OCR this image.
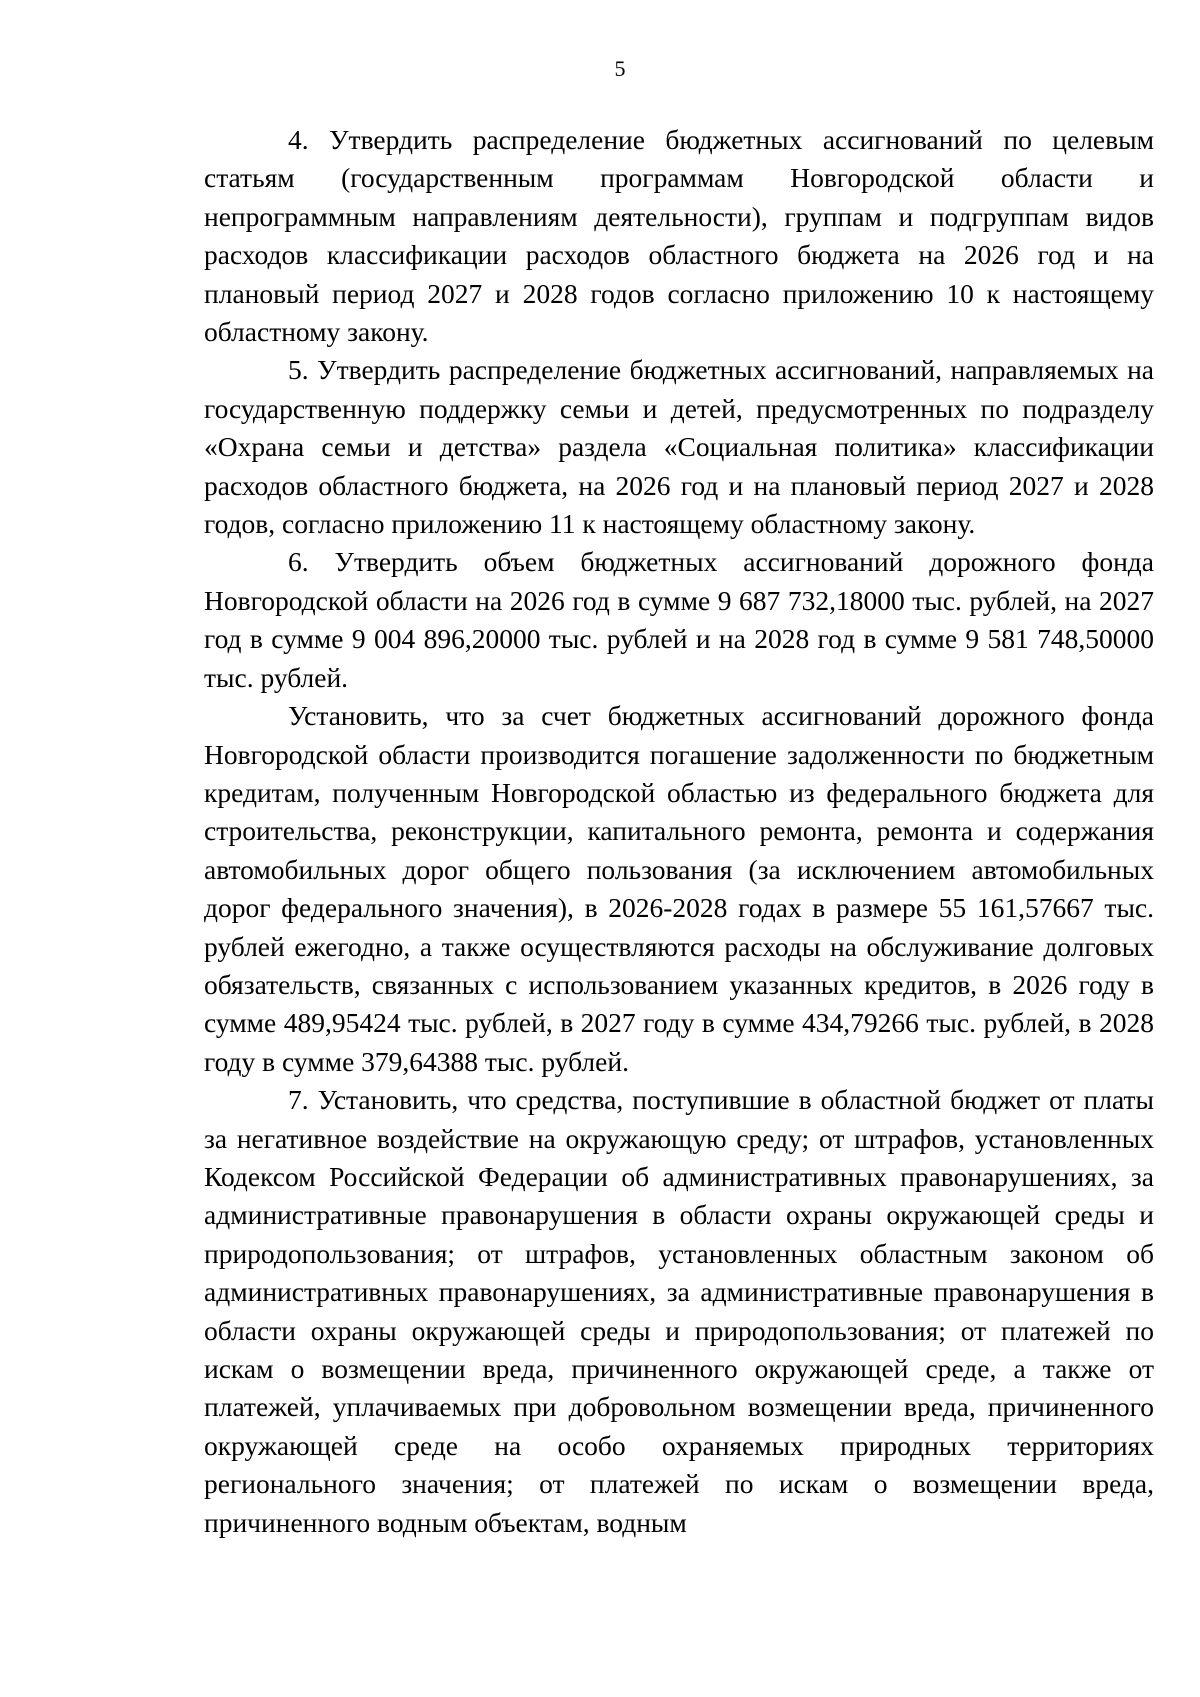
5

4. Утвердить распределение бюджетных ассигнований по целевым статьям (государственным программам Новгородской области и непрограммным направлениям деятельности), группам и подгруппам видов расходов классификации расходов областного бюджета на 2026 год и на плановый период 2027 и 2028 годов согласно приложению 10 к настоящему областному закону.

5. Утвердить распределение бюджетных ассигнований, направляемых на государственную поддержку семьи и детей, предусмотренных по подразделу «Охрана семьи и детства» раздела «Социальная политика» классификации расходов областного бюджета, на 2026 год и на плановый период 2027 и 2028 годов, согласно приложению 11 к настоящему областному закону.

6. Утвердить объем бюджетных ассигнований дорожного фонда Новгородской области на 2026 год в сумме 9 687 732,18000 тыс. рублей, на 2027 год в сумме 9 004 896,20000 тыс. рублей и на 2028 год в сумме 9 581 748,50000 тыс. рублей.

Установить, что за счет бюджетных ассигнований дорожного фонда Новгородской области производится погашение задолженности по бюджетным кредитам, полученным Новгородской областью из федерального бюджета для строительства, реконструкции, капитального ремонта, ремонта и содержания автомобильных дорог общего пользования (за исключением автомобильных дорог федерального значения), в 2026-2028 годах в размере 55 161,57667 тыс. рублей ежегодно, а также осуществляются расходы на обслуживание долговых обязательств, связанных с использованием указанных кредитов, в 2026 году в сумме 489,95424 тыс. рублей, в 2027 году в сумме 434,79266 тыс. рублей, в 2028 году в сумме 379,64388 тыс. рублей.

7. Установить, что средства, поступившие в областной бюджет от платы за негативное воздействие на окружающую среду; от штрафов, установленных Кодексом Российской Федерации об административных правонарушениях, за административные правонарушения в области охраны окружающей среды и природопользования; от штрафов, установленных областным законом об административных правонарушениях, за административные правонарушения в области охраны окружающей среды и природопользования; от платежей по искам о возмещении вреда, причиненного окружающей среде, а также от платежей, уплачиваемых при добровольном возмещении вреда, причиненного окружающей среде на особо охраняемых природных территориях регионального значения; от платежей по искам о возмещении вреда, причиненного водным объектам, водным
